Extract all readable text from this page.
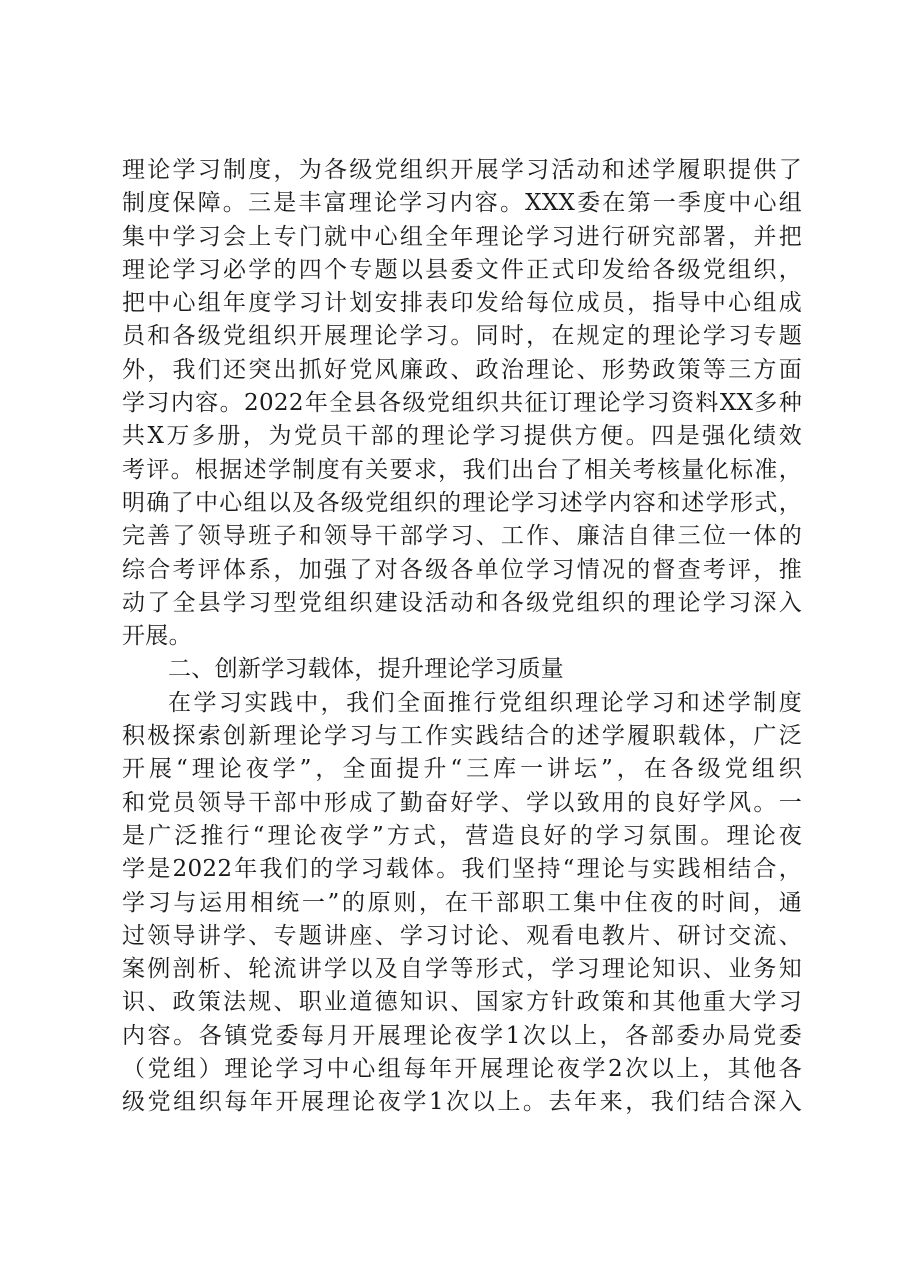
理论学习制度，为各级党组织开展学习活动和述学履职提供了
制度保障。三是丰富理论学习内容。XXX委在第一季度中心组
集中学习会上专门就中心组全年理论学习进行研究部署，并把
理论学习必学的四个专题以县委文件正式印发给各级党组织，
把中心组年度学习计划安排表印发给每位成员，指导中心组成
员和各级党组织开展理论学习。同时，在规定的理论学习专题
外，我们还突出抓好党风廉政、政治理论、形势政策等三方面
学习内容。2022年全县各级党组织共征订理论学习资料XX多种
共X万多册，为党员干部的理论学习提供方便。四是强化绩效
考评。根据述学制度有关要求，我们出台了相关考核量化标准，
明确了中心组以及各级党组织的理论学习述学内容和述学形式，
完善了领导班子和领导干部学习、工作、廉洁自律三位一体的
综合考评体系，加强了对各级各单位学习情况的督查考评，推
动了全县学习型党组织建设活动和各级党组织的理论学习深入
开展。
二、创新学习载体，提升理论学习质量
在学习实践中，我们全面推行党组织理论学习和述学制度
积极探索创新理论学习与工作实践结合的述学履职载体，广泛
开展“理论夜学”，全面提升“三库一讲坛”，在各级党组织
和党员领导干部中形成了勤奋好学、学以致用的良好学风。一
是广泛推行“理论夜学”方式，营造良好的学习氛围。理论夜
学是2022年我们的学习载体。我们坚持“理论与实践相结合，
学习与运用相统一”的原则，在干部职工集中住夜的时间，通
过领导讲学、专题讲座、学习讨论、观看电教片、研讨交流、
案例剖析、轮流讲学以及自学等形式，学习理论知识、业务知
识、政策法规、职业道德知识、国家方针政策和其他重大学习
内容。各镇党委每月开展理论夜学1次以上，各部委办局党委
（党组）理论学习中心组每年开展理论夜学2次以上，其他各
级党组织每年开展理论夜学1次以上。去年来，我们结合深入
